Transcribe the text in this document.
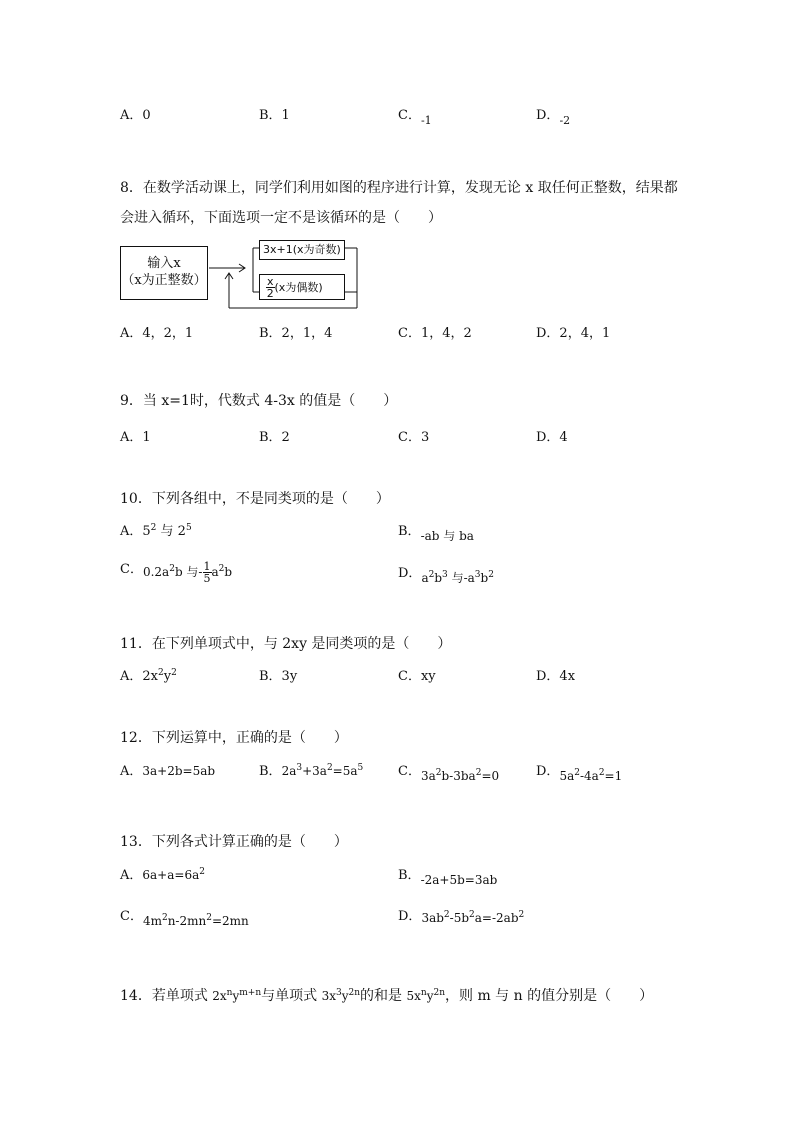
A．0	B．1	C．$_{-1}$	D．$_{-2}$
8．在数学活动课上，同学们利用如图的程序进行计算，发现无论 x 取任何正整数，结果都
会进入循环，下面选项一定不是该循环的是（　　）
输入x
（x为正整数）
3x+1(x为奇数)
$\frac{x}{2} (x$为偶数)
A．4，2，1	B．2，1，4	C．1，4，2	D．2，4，1
9．当 x=1时，代数式 4-3x 的值是（　　）
A．1	B．2	C．3	D．4
10．下列各组中，不是同类项的是（　　）
A．$5^2$ 与 $2^5$	B．$_{-ab 与 ba}$
C．$0.2a^2b$ 与- $\frac{1}{5} a^2b$	D．$a^2b^3$ 与$-a^3b^2$
11．在下列单项式中，与 2xy 是同类项的是（　　）
A．$2x^2y^2$	B．3y	C．xy	D．4x
12．下列运算中，正确的是（　　）
A．3a+2b=5ab	B．$2a^3+3a^2=5a^5$	C．$3a^2b-3ba^2=0$	D．$5a^2-4a^2=1$
13．下列各式计算正确的是（　　）
A．$6a+a=6a^2$	B．$_{-2a+5b=3ab}$
C．$4m^2n-2mn^2=2mn$	D．$3ab^2-5b^2a=-2ab^2$
14．若单项式 $2x^ny^{m+n}$与单项式 $3x^3y^{2n}$的和是 $5x^ny^{2n}$，则 m 与 n 的值分别是（　　）
